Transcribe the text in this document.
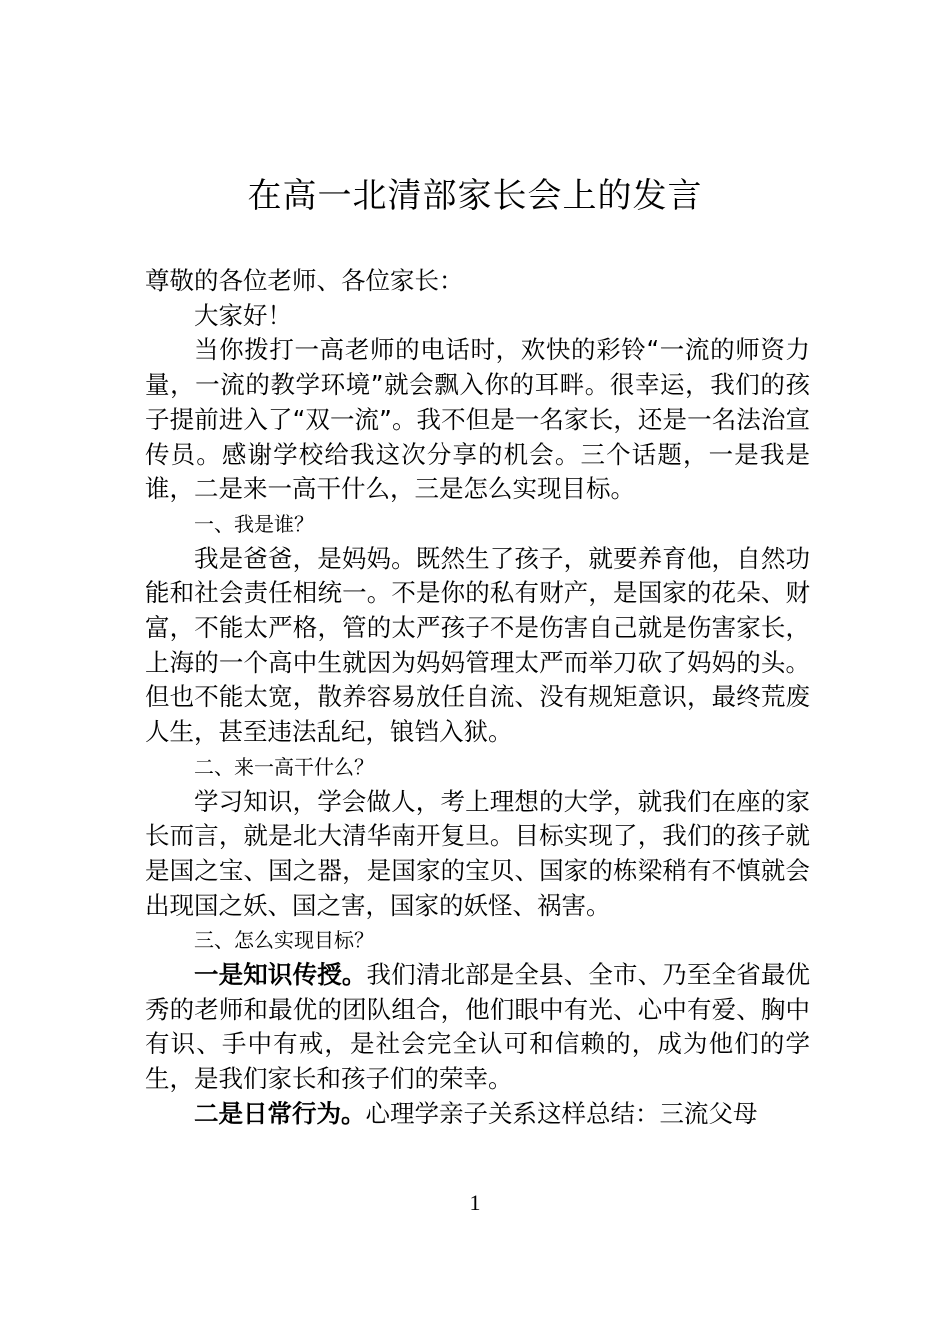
在高一北清部家长会上的发言

尊敬的各位老师、各位家长：

大家好！

当你拨打一高老师的电话时，欢快的彩铃“一流的师资力量，一流的教学环境”就会飘入你的耳畔。很幸运，我们的孩子提前进入了“双一流”。我不但是一名家长，还是一名法治宣传员。感谢学校给我这次分享的机会。三个话题，一是我是谁，二是来一高干什么，三是怎么实现目标。

一、我是谁？

我是爸爸，是妈妈。既然生了孩子，就要养育他，自然功能和社会责任相统一。不是你的私有财产，是国家的花朵、财富，不能太严格，管的太严孩子不是伤害自己就是伤害家长，上海的一个高中生就因为妈妈管理太严而举刀砍了妈妈的头。但也不能太宽，散养容易放任自流、没有规矩意识，最终荒废人生，甚至违法乱纪，锒铛入狱。

二、来一高干什么？

学习知识，学会做人，考上理想的大学，就我们在座的家长而言，就是北大清华南开复旦。目标实现了，我们的孩子就是国之宝、国之器，是国家的宝贝、国家的栋梁稍有不慎就会出现国之妖、国之害，国家的妖怪、祸害。

三、怎么实现目标？

一是知识传授。我们清北部是全县、全市、乃至全省最优秀的老师和最优的团队组合，他们眼中有光、心中有爱、胸中有识、手中有戒，是社会完全认可和信赖的，成为他们的学生，是我们家长和孩子们的荣幸。

二是日常行为。心理学亲子关系这样总结：三流父母

1
